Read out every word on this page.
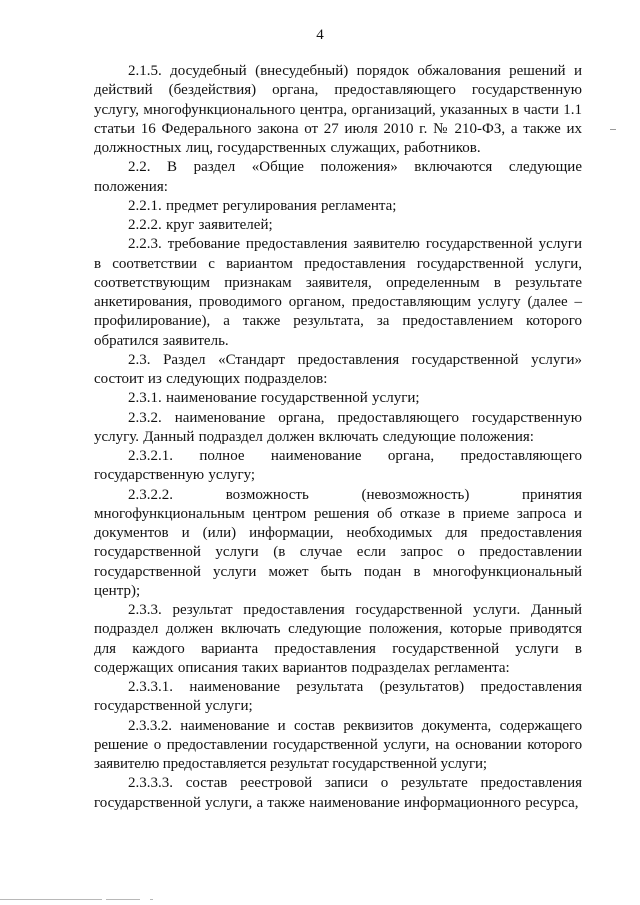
4

2.1.5. досудебный (внесудебный) порядок обжалования решений и действий (бездействия) органа, предоставляющего государственную услугу, многофункционального центра, организаций, указанных в части 1.1 статьи 16 Федерального закона от 27 июля 2010 г. № 210-ФЗ, а также их должностных лиц, государственных служащих, работников.

2.2. В раздел «Общие положения» включаются следующие положения:

2.2.1. предмет регулирования регламента;

2.2.2. круг заявителей;

2.2.3. требование предоставления заявителю государственной услуги в соответствии с вариантом предоставления государственной услуги, соответствующим признакам заявителя, определенным в результате анкетирования, проводимого органом, предоставляющим услугу (далее – профилирование), а также результата, за предоставлением которого обратился заявитель.

2.3. Раздел «Стандарт предоставления государственной услуги» состоит из следующих подразделов:

2.3.1. наименование государственной услуги;

2.3.2. наименование органа, предоставляющего государственную услугу. Данный подраздел должен включать следующие положения:

2.3.2.1. полное наименование органа, предоставляющего государственную услугу;

2.3.2.2. возможность (невозможность) принятия многофункциональным центром решения об отказе в приеме запроса и документов и (или) информации, необходимых для предоставления государственной услуги (в случае если запрос о предоставлении государственной услуги может быть подан в многофункциональный центр);

2.3.3. результат предоставления государственной услуги. Данный подраздел должен включать следующие положения, которые приводятся для каждого варианта предоставления государственной услуги в содержащих описания таких вариантов подразделах регламента:

2.3.3.1. наименование результата (результатов) предоставления государственной услуги;

2.3.3.2. наименование и состав реквизитов документа, содержащего решение о предоставлении государственной услуги, на основании которого заявителю предоставляется результат государственной услуги;

2.3.3.3. состав реестровой записи о результате предоставления государственной услуги, а также наименование информационного ресурса,
